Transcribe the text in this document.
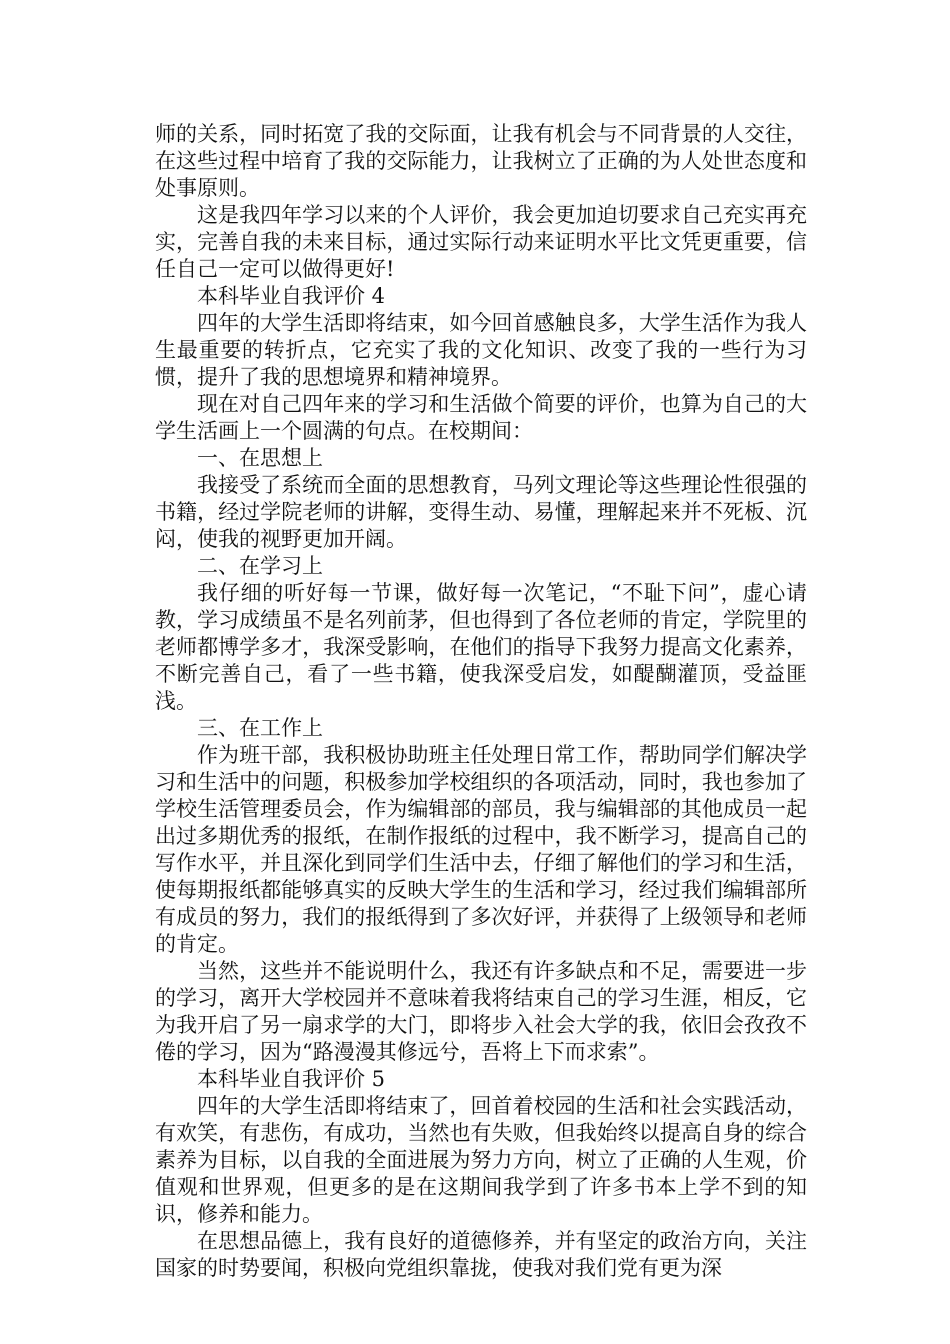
师的关系，同时拓宽了我的交际面，让我有机会与不同背景的人交往，在这些过程中培育了我的交际能力，让我树立了正确的为人处世态度和处事原则。

这是我四年学习以来的个人评价，我会更加迫切要求自己充实再充实，完善自我的未来目标，通过实际行动来证明水平比文凭更重要，信任自己一定可以做得更好!

本科毕业自我评价 4

四年的大学生活即将结束，如今回首感触良多，大学生活作为我人生最重要的转折点，它充实了我的文化知识、改变了我的一些行为习惯，提升了我的思想境界和精神境界。

现在对自己四年来的学习和生活做个简要的评价，也算为自己的大学生活画上一个圆满的句点。在校期间：

一、在思想上

我接受了系统而全面的思想教育，马列文理论等这些理论性很强的书籍，经过学院老师的讲解，变得生动、易懂，理解起来并不死板、沉闷，使我的视野更加开阔。

二、在学习上

我仔细的听好每一节课，做好每一次笔记，“不耻下问”，虚心请教，学习成绩虽不是名列前茅，但也得到了各位老师的肯定，学院里的老师都博学多才，我深受影响，在他们的指导下我努力提高文化素养，不断完善自己，看了一些书籍，使我深受启发，如醍醐灌顶，受益匪浅。

三、在工作上

作为班干部，我积极协助班主任处理日常工作，帮助同学们解决学习和生活中的问题，积极参加学校组织的各项活动，同时，我也参加了学校生活管理委员会，作为编辑部的部员，我与编辑部的其他成员一起出过多期优秀的报纸，在制作报纸的过程中，我不断学习，提高自己的写作水平，并且深化到同学们生活中去，仔细了解他们的学习和生活，使每期报纸都能够真实的反映大学生的生活和学习，经过我们编辑部所有成员的努力，我们的报纸得到了多次好评，并获得了上级领导和老师的肯定。

当然，这些并不能说明什么，我还有许多缺点和不足，需要进一步的学习，离开大学校园并不意味着我将结束自己的学习生涯，相反，它为我开启了另一扇求学的大门，即将步入社会大学的我，依旧会孜孜不倦的学习，因为“路漫漫其修远兮，吾将上下而求索”。

本科毕业自我评价 5

四年的大学生活即将结束了，回首着校园的生活和社会实践活动，有欢笑，有悲伤，有成功，当然也有失败，但我始终以提高自身的综合素养为目标，以自我的全面进展为努力方向，树立了正确的人生观，价值观和世界观，但更多的是在这期间我学到了许多书本上学不到的知识，修养和能力。

在思想品德上，我有良好的道德修养，并有坚定的政治方向，关注国家的时势要闻，积极向党组织靠拢，使我对我们党有更为深
